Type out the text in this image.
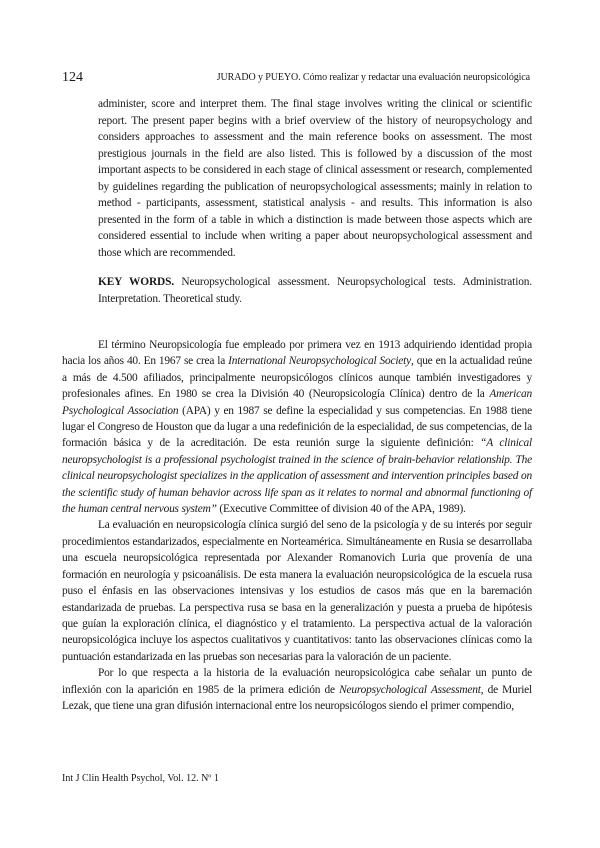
124	JURADO y PUEYO. Cómo realizar y redactar una evaluación neuropsicológica
administer, score and interpret them. The final stage involves writing the clinical or scientific report. The present paper begins with a brief overview of the history of neuropsychology and considers approaches to assessment and the main reference books on assessment. The most prestigious journals in the field are also listed. This is followed by a discussion of the most important aspects to be considered in each stage of clinical assessment or research, complemented by guidelines regarding the publication of neuropsychological assessments; mainly in relation to method - participants, assessment, statistical analysis - and results. This information is also presented in the form of a table in which a distinction is made between those aspects which are considered essential to include when writing a paper about neuropsychological assessment and those which are recommended.
KEY WORDS. Neuropsychological assessment. Neuropsychological tests. Administration. Interpretation. Theoretical study.

El término Neuropsicología fue empleado por primera vez en 1913 adquiriendo identidad propia hacia los años 40. En 1967 se crea la International Neuropsychological Society, que en la actualidad reúne a más de 4.500 afiliados, principalmente neuropsicólogos clínicos aunque también investigadores y profesionales afines. En 1980 se crea la División 40 (Neuropsicología Clínica) dentro de la American Psychological Association (APA) y en 1987 se define la especialidad y sus competencias. En 1988 tiene lugar el Congreso de Houston que da lugar a una redefinición de la especialidad, de sus competencias, de la formación básica y de la acreditación. De esta reunión surge la siguiente definición: “A clinical neuropsychologist is a professional psychologist trained in the science of brain-behavior relationship. The clinical neuropsychologist specializes in the application of assessment and intervention principles based on the scientific study of human behavior across life span as it relates to normal and abnormal functioning of the human central nervous system” (Executive Committee of division 40 of the APA, 1989).

La evaluación en neuropsicología clínica surgió del seno de la psicología y de su interés por seguir procedimientos estandarizados, especialmente en Norteamérica. Simultáneamente en Rusia se desarrollaba una escuela neuropsicológica representada por Alexander Romanovich Luria que provenía de una formación en neurología y psicoanálisis. De esta manera la evaluación neuropsicológica de la escuela rusa puso el énfasis en las observaciones intensivas y los estudios de casos más que en la baremación estandarizada de pruebas. La perspectiva rusa se basa en la generalización y puesta a prueba de hipótesis que guían la exploración clínica, el diagnóstico y el tratamiento. La perspectiva actual de la valoración neuropsicológica incluye los aspectos cualitativos y cuantitativos: tanto las observaciones clínicas como la puntuación estandarizada en las pruebas son necesarias para la valoración de un paciente.

Por lo que respecta a la historia de la evaluación neuropsicológica cabe señalar un punto de inflexión con la aparición en 1985 de la primera edición de Neuropsychological Assessment, de Muriel Lezak, que tiene una gran difusión internacional entre los neuropsicólogos siendo el primer compendio,

Int J Clin Health Psychol, Vol. 12. Nº 1
